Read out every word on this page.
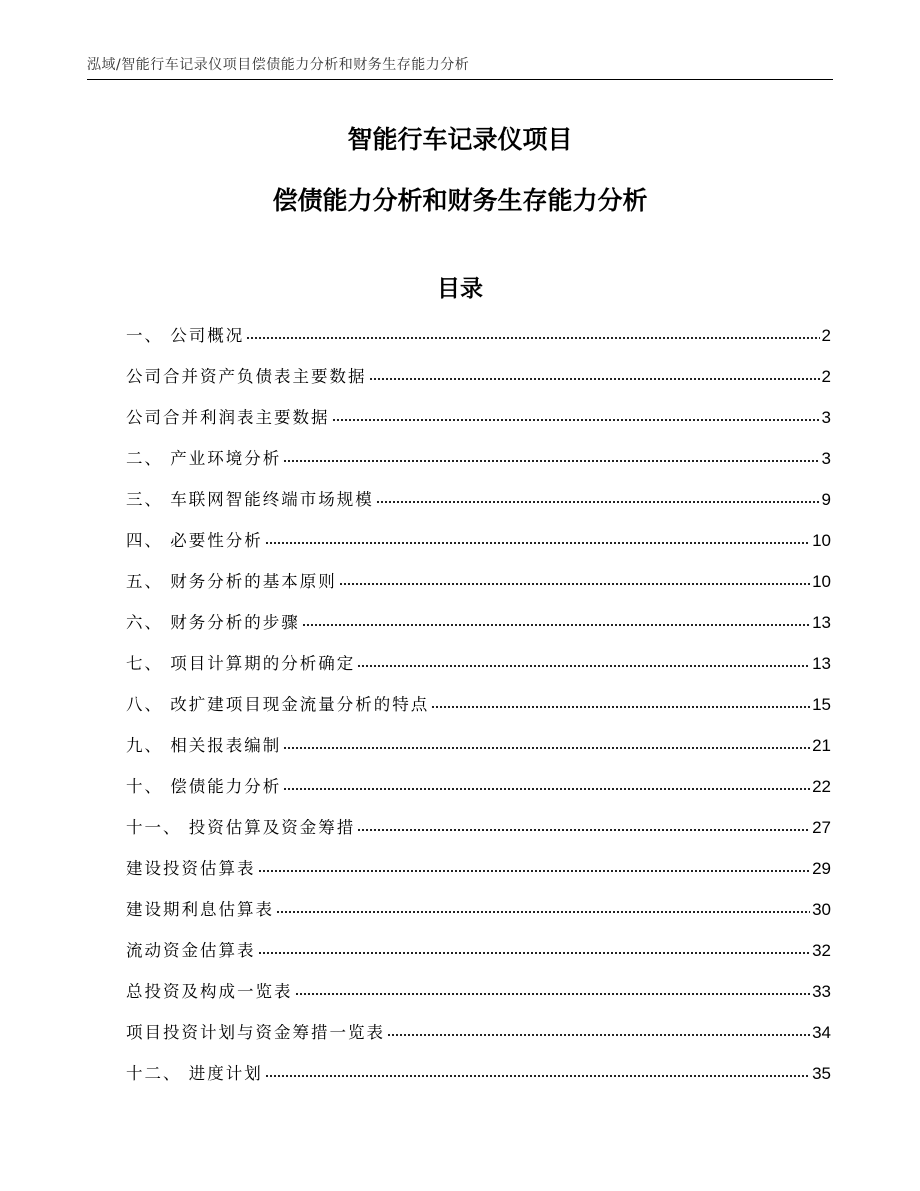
泓域/智能行车记录仪项目偿债能力分析和财务生存能力分析
智能行车记录仪项目
偿债能力分析和财务生存能力分析
目录
一、 公司概况	2
公司合并资产负债表主要数据	2
公司合并利润表主要数据	3
二、 产业环境分析	3
三、 车联网智能终端市场规模	9
四、 必要性分析	10
五、 财务分析的基本原则	10
六、 财务分析的步骤	13
七、 项目计算期的分析确定	13
八、 改扩建项目现金流量分析的特点	15
九、 相关报表编制	21
十、 偿债能力分析	22
十一、 投资估算及资金筹措	27
建设投资估算表	29
建设期利息估算表	30
流动资金估算表	32
总投资及构成一览表	33
项目投资计划与资金筹措一览表	34
十二、 进度计划	35
